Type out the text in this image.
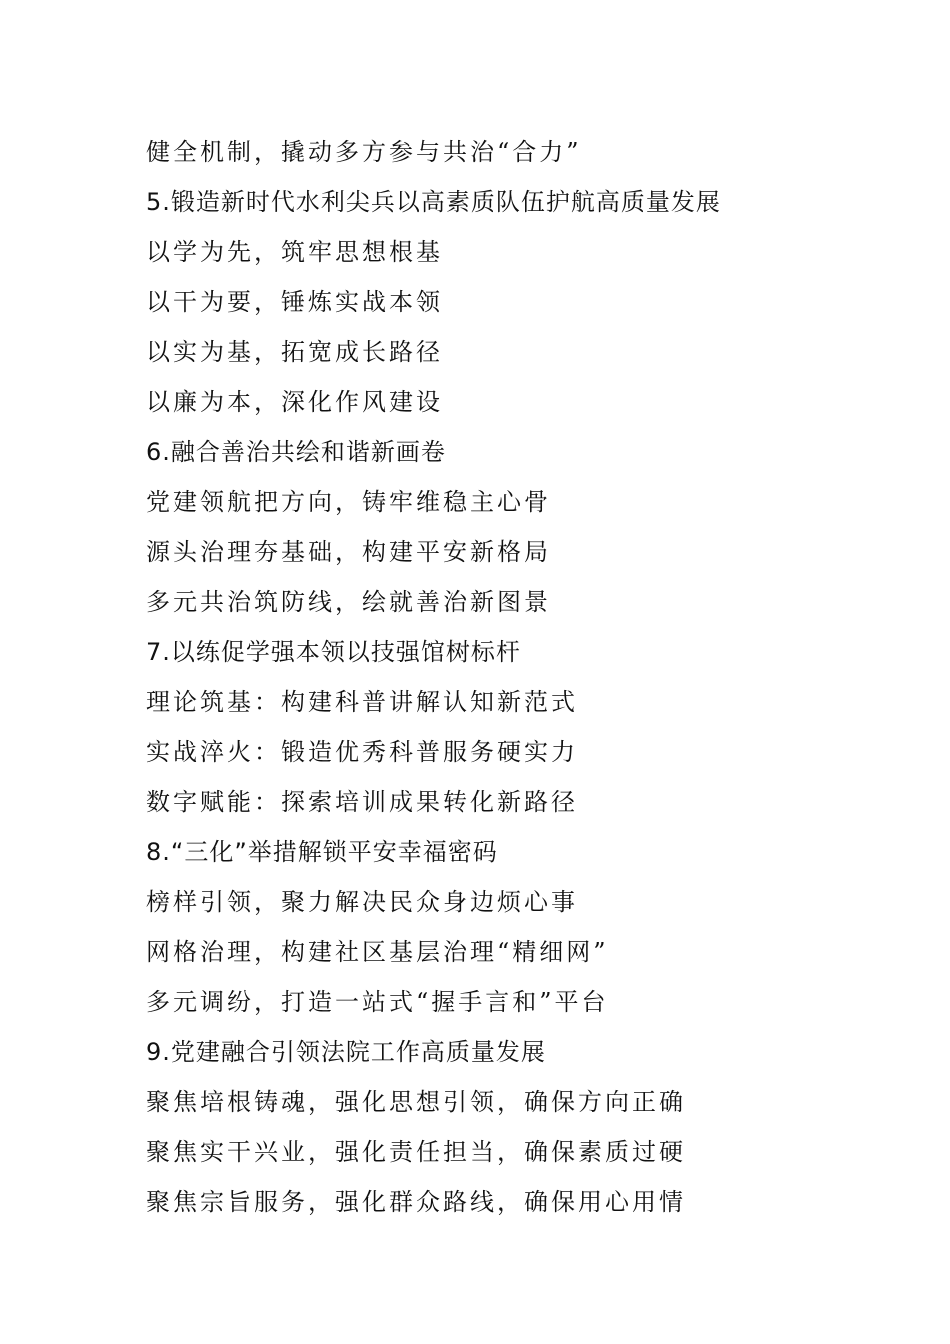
健全机制，撬动多方参与共治“合力”
5.锻造新时代水利尖兵以高素质队伍护航高质量发展
以学为先，筑牢思想根基
以干为要，锤炼实战本领
以实为基，拓宽成长路径
以廉为本，深化作风建设
6.融合善治共绘和谐新画卷
党建领航把方向，铸牢维稳主心骨
源头治理夯基础，构建平安新格局
多元共治筑防线，绘就善治新图景
7.以练促学强本领以技强馆树标杆
理论筑基：构建科普讲解认知新范式
实战淬火：锻造优秀科普服务硬实力
数字赋能：探索培训成果转化新路径
8.“三化”举措解锁平安幸福密码
榜样引领，聚力解决民众身边烦心事
网格治理，构建社区基层治理“精细网”
多元调纷，打造一站式“握手言和”平台
9.党建融合引领法院工作高质量发展
聚焦培根铸魂，强化思想引领，确保方向正确
聚焦实干兴业，强化责任担当，确保素质过硬
聚焦宗旨服务，强化群众路线，确保用心用情
